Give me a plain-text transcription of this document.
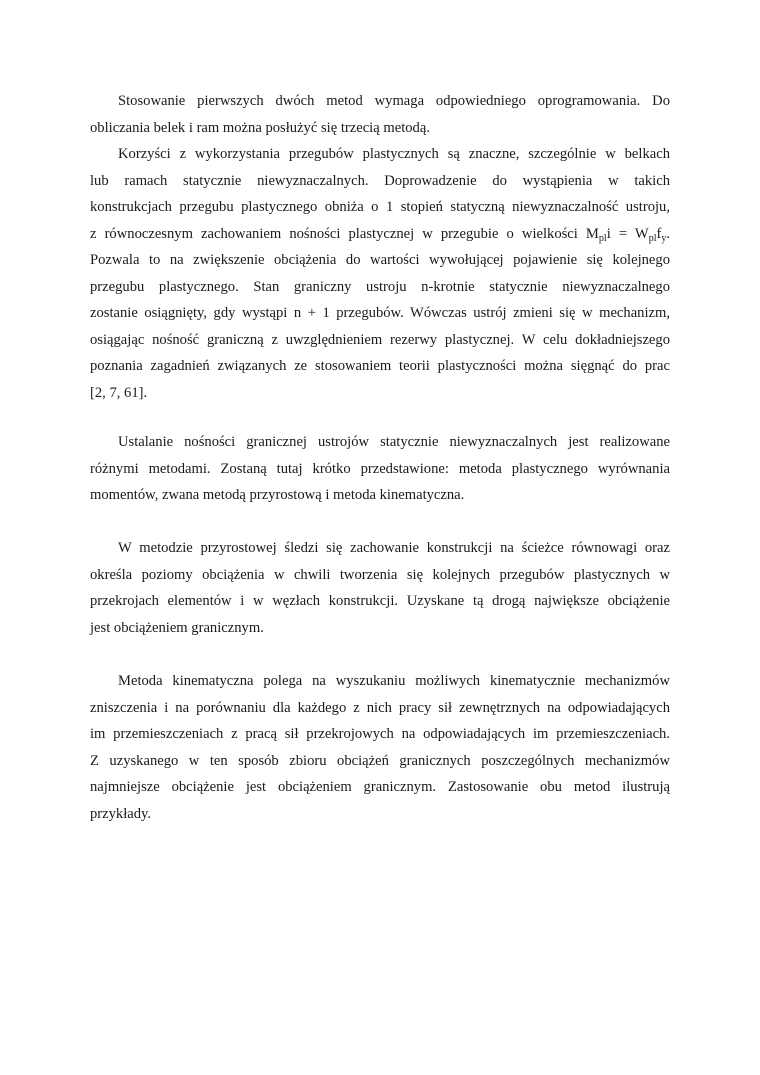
Stosowanie pierwszych dwóch metod wymaga odpowiedniego oprogramowania. Do
obliczania belek i ram można posłużyć się trzecią metodą.
Korzyści z wykorzystania przegubów plastycznych są znaczne, szczególnie w belkach
lub ramach statycznie niewyznaczalnych. Doprowadzenie do wystąpienia w takich
konstrukcjach przegubu plastycznego obniża o 1 stopień statyczną niewyznaczalność ustroju,
z równoczesnym zachowaniem nośności plastycznej w przegubie o wielkości $M_{pl}i = W_{pl}f_y$.
Pozwala to na zwiększenie obciążenia do wartości wywołującej pojawienie się kolejnego
przegubu plastycznego. Stan graniczny ustroju n-krotnie statycznie niewyznaczalnego
zostanie osiągnięty, gdy wystąpi n + 1 przegubów. Wówczas ustrój zmieni się w mechanizm,
osiągając nośność graniczną z uwzględnieniem rezerwy plastycznej. W celu dokładniejszego
poznania zagadnień związanych ze stosowaniem teorii plastyczności można sięgnąć do prac
[2, 7, 61].
Ustalanie nośności granicznej ustrojów statycznie niewyznaczalnych jest realizowane
różnymi metodami. Zostaną tutaj krótko przedstawione: metoda plastycznego wyrównania
momentów, zwana metodą przyrostową i metoda kinematyczna.
W metodzie przyrostowej śledzi się zachowanie konstrukcji na ścieżce równowagi oraz
określa poziomy obciążenia w chwili tworzenia się kolejnych przegubów plastycznych w
przekrojach elementów i w węzłach konstrukcji. Uzyskane tą drogą największe obciążenie
jest obciążeniem granicznym.
Metoda kinematyczna polega na wyszukaniu możliwych kinematycznie mechanizmów
zniszczenia i na porównaniu dla każdego z nich pracy sił zewnętrznych na odpowiadających
im przemieszczeniach z pracą sił przekrojowych na odpowiadających im przemieszczeniach.
Z uzyskanego w ten sposób zbioru obciążeń granicznych poszczególnych mechanizmów
najmniejsze obciążenie jest obciążeniem granicznym. Zastosowanie obu metod ilustrują
przykłady.
